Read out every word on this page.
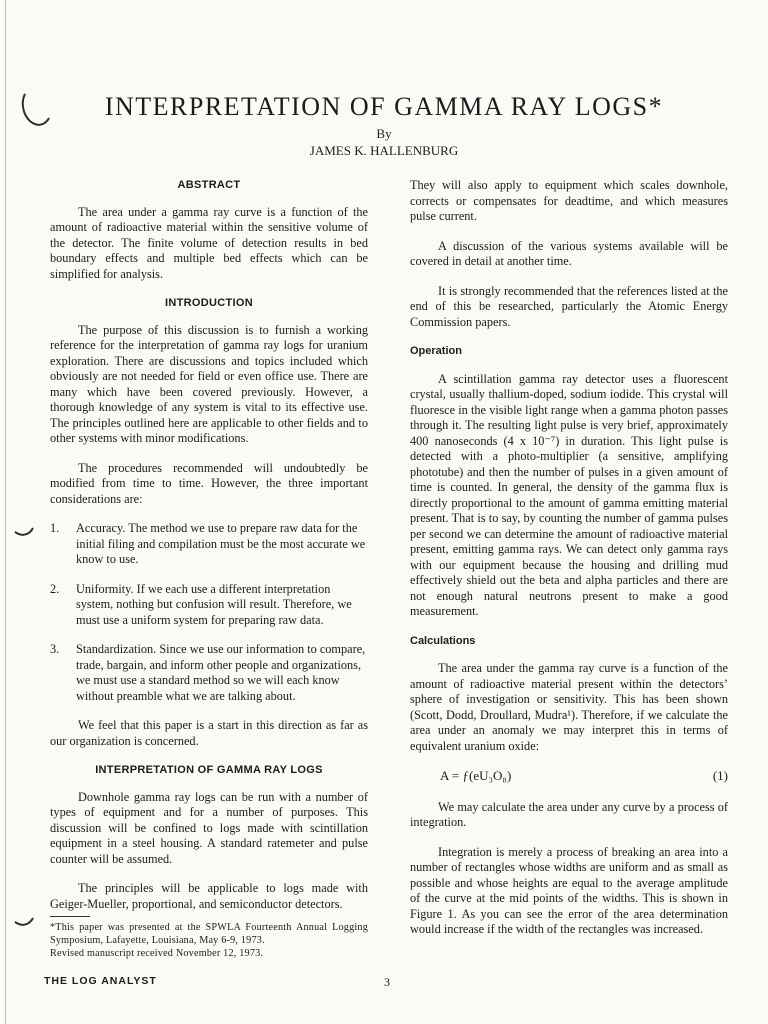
INTERPRETATION OF GAMMA RAY LOGS*
By
JAMES K. HALLENBURG
ABSTRACT

The area under a gamma ray curve is a function of the amount of radioactive material within the sensitive volume of the detector. The finite volume of detection results in bed boundary effects and multiple bed effects which can be simplified for analysis.

INTRODUCTION

The purpose of this discussion is to furnish a working reference for the interpretation of gamma ray logs for uranium exploration. There are discussions and topics included which obviously are not needed for field or even office use. There are many which have been covered previously. However, a thorough knowledge of any system is vital to its effective use. The principles outlined here are applicable to other fields and to other systems with minor modifications.

The procedures recommended will undoubtedly be modified from time to time. However, the three important considerations are:

1.	Accuracy. The method we use to prepare raw data for the initial filing and compilation must be the most accurate we know to use.
2.	Uniformity. If we each use a different interpretation system, nothing but confusion will result. Therefore, we must use a uniform system for preparing raw data.
3.	Standardization. Since we use our information to compare, trade, bargain, and inform other people and organizations, we must use a standard method so we will each know without preamble what we are talking about.

We feel that this paper is a start in this direction as far as our organization is concerned.

INTERPRETATION OF GAMMA RAY LOGS

Downhole gamma ray logs can be run with a number of types of equipment and for a number of purposes. This discussion will be confined to logs made with scintillation equipment in a steel housing. A standard ratemeter and pulse counter will be assumed.

The principles will be applicable to logs made with Geiger-Mueller, proportional, and semiconductor detectors.

*This paper was presented at the SPWLA Fourteenth Annual Logging Symposium, Lafayette, Louisiana, May 6-9, 1973.

Revised manuscript received November 12, 1973.

They will also apply to equipment which scales downhole, corrects or compensates for deadtime, and which measures pulse current.

A discussion of the various systems available will be covered in detail at another time.

It is strongly recommended that the references listed at the end of this be researched, particularly the Atomic Energy Commission papers.

Operation

A scintillation gamma ray detector uses a fluorescent crystal, usually thallium-doped, sodium iodide. This crystal will fluoresce in the visible light range when a gamma photon passes through it. The resulting light pulse is very brief, approximately 400 nanoseconds (4 x 10⁻⁷) in duration. This light pulse is detected with a photo-multiplier (a sensitive, amplifying phototube) and then the number of pulses in a given amount of time is counted. In general, the density of the gamma flux is directly proportional to the amount of gamma emitting material present. That is to say, by counting the number of gamma pulses per second we can determine the amount of radioactive material present, emitting gamma rays. We can detect only gamma rays with our equipment because the housing and drilling mud effectively shield out the beta and alpha particles and there are not enough natural neutrons present to make a good measurement.

Calculations

The area under the gamma ray curve is a function of the amount of radioactive material present within the detectors’ sphere of investigation or sensitivity. This has been shown (Scott, Dodd, Droullard, Mudra¹). Therefore, if we calculate the area under an anomaly we may interpret this in terms of equivalent uranium oxide:

A = ƒ(eU₃O₈)	(1)

We may calculate the area under any curve by a process of integration.

Integration is merely a process of breaking an area into a number of rectangles whose widths are uniform and as small as possible and whose heights are equal to the average amplitude of the curve at the mid points of the widths. This is shown in Figure 1. As you can see the error of the area determination would increase if the width of the rectangles was increased.

THE LOG ANALYST	3
